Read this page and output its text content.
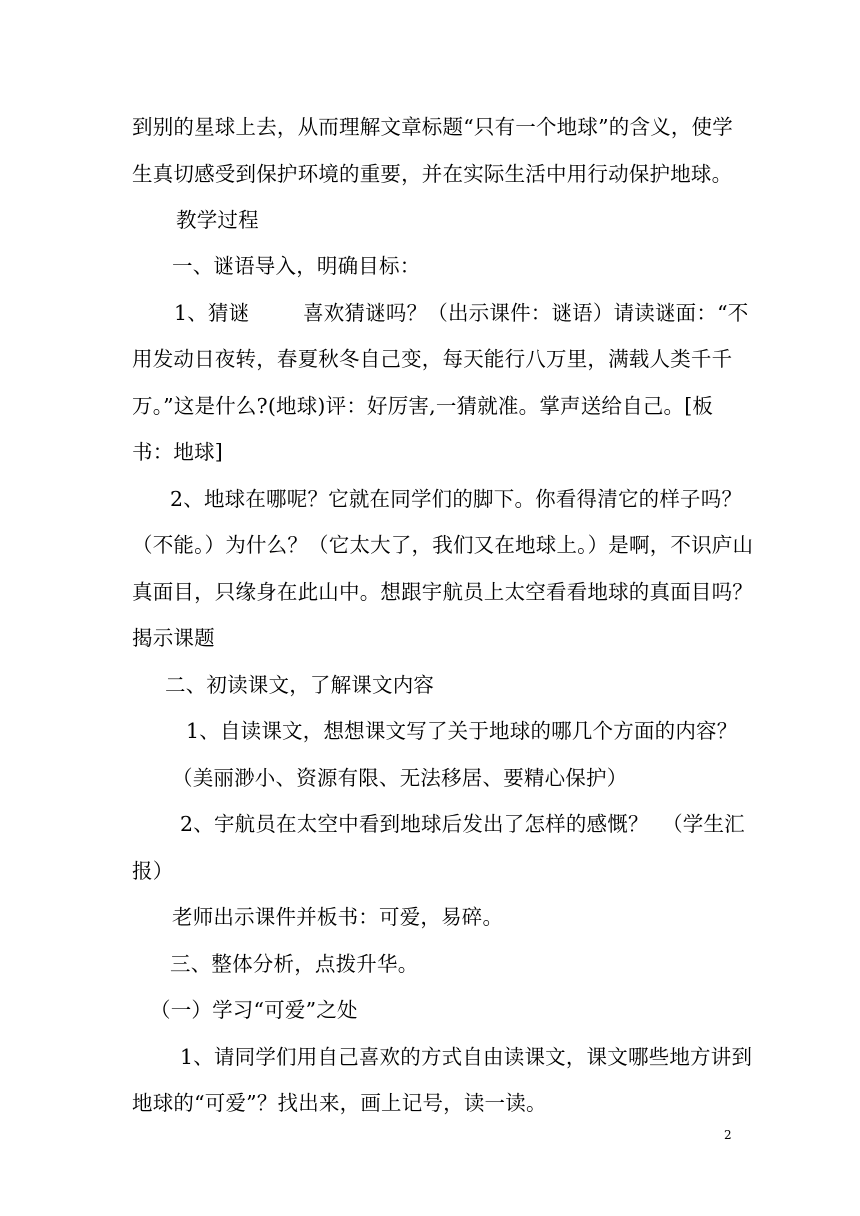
到别的星球上去，从而理解文章标题“只有一个地球”的含义，使学
生真切感受到保护环境的重要，并在实际生活中用行动保护地球。
教学过程
一、谜语导入，明确目标：
1、猜谜        喜欢猜谜吗？（出示课件：谜语）请读谜面：“不
用发动日夜转，春夏秋冬自己变，每天能行八万里，满载人类千千
万。”这是什么?(地球)评：好厉害,一猜就准。掌声送给自己。[板
书：地球]
2、地球在哪呢？它就在同学们的脚下。你看得清它的样子吗？
（不能。）为什么？（它太大了，我们又在地球上。）是啊，不识庐山
真面目，只缘身在此山中。想跟宇航员上太空看看地球的真面目吗？
揭示课题
二、初读课文，了解课文内容
1、自读课文，想想课文写了关于地球的哪几个方面的内容？
（美丽渺小、资源有限、无法移居、要精心保护）
2、宇航员在太空中看到地球后发出了怎样的感慨？  （学生汇
报）
老师出示课件并板书：可爱，易碎。
三、整体分析，点拨升华。
（一）学习“可爱”之处
1、请同学们用自己喜欢的方式自由读课文，课文哪些地方讲到
地球的“可爱”？找出来，画上记号，读一读。
2
